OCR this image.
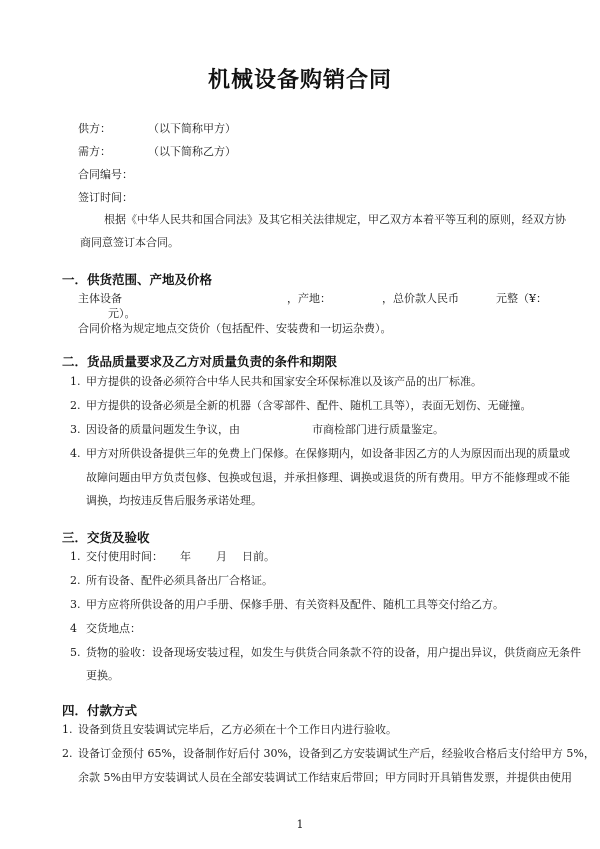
机械设备购销合同
供方：	（以下简称甲方）
需方：	（以下简称乙方）
合同编号：
签订时间：
根据《中华人民共和国合同法》及其它相关法律规定，甲乙双方本着平等互利的原则，经双方协
商同意签订本合同。
一．供货范围、产地及价格
主体设备	，产地：	，总价款人民币	元整（¥：
元）。
合同价格为规定地点交货价（包括配件、安装费和一切运杂费）。
二．货品质量要求及乙方对质量负责的条件和期限
1. 甲方提供的设备必须符合中华人民共和国家安全环保标准以及该产品的出厂标准。
2. 甲方提供的设备必须是全新的机器（含零部件、配件、随机工具等），表面无划伤、无碰撞。
3. 因设备的质量问题发生争议，由	市商检部门进行质量鉴定。
4. 甲方对所供设备提供三年的免费上门保修。在保修期内，如设备非因乙方的人为原因而出现的质量或
故障问题由甲方负责包修、包换或包退，并承担修理、调换或退货的所有费用。甲方不能修理或不能
调换，均按违反售后服务承诺处理。
三．交货及验收
1. 交付使用时间： 年 月 日前。
2. 所有设备、配件必须具备出厂合格证。
3. 甲方应将所供设备的用户手册、保修手册、有关资料及配件、随机工具等交付给乙方。
4 交货地点：
5. 货物的验收：设备现场安装过程，如发生与供货合同条款不符的设备，用户提出异议，供货商应无条件
更换。
四．付款方式
1. 设备到货且安装调试完毕后，乙方必须在十个工作日内进行验收。
2. 设备订金预付 65%，设备制作好后付 30%，设备到乙方安装调试生产后，经验收合格后支付给甲方 5%，
余款 5%由甲方安装调试人员在全部安装调试工作结束后带回；甲方同时开具销售发票，并提供由使用
1
